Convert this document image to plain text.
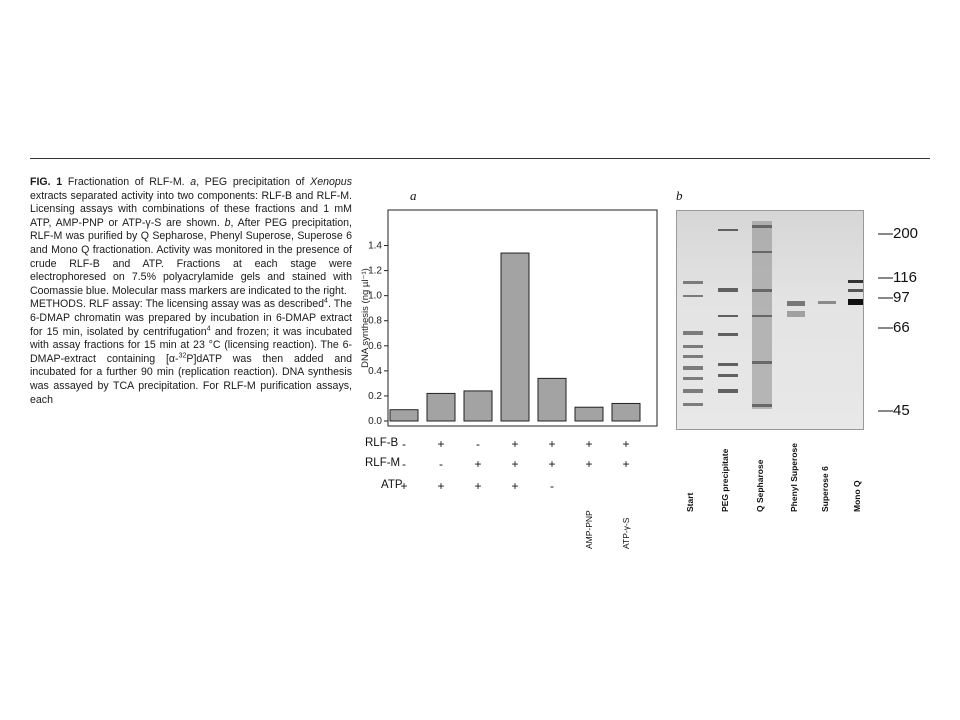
FIG. 1 Fractionation of RLF-M. a, PEG precipitation of Xenopus extracts separated activity into two components: RLF-B and RLF-M. Licensing assays with combinations of these fractions and 1 mM ATP, AMP-PNP or ATP-γ-S are shown. b, After PEG precipitation, RLF-M was purified by Q Sepharose, Phenyl Superose, Superose 6 and Mono Q fractionation. Activity was monitored in the presence of crude RLF-B and ATP. Fractions at each stage were electrophoresed on 7.5% polyacrylamide gels and stained with Coomassie blue. Molecular mass markers are indicated to the right.

METHODS. RLF assay: The licensing assay was as described$^4$. The 6-DMAP chromatin was prepared by incubation in 6-DMAP extract for 15 min, isolated by centrifugation$^4$ and frozen; it was incubated with assay fractions for 15 min at 23 °C (licensing reaction). The 6-DMAP-extract containing [α-$^{32}$P]dATP was then added and incubated for a further 90 min (replication reaction). DNA synthesis was assayed by TCA precipitation. For RLF-M purification assays, each

a	b
0.0
0.2
0.4
0.6
0.8
1.0
1.2
1.4
DNA synthesis (ng µl⁻¹)
RLF-B
RLF-M
ATP
-	+	-	+	+	+	+
-	-	+	+	+	+	+
+	+	+	+	-
AMP-PNP	ATP-γ-S
Start	PEG precipitate	Q Sepharose	Phenyl Superose Superose 6	Mono Q
—200
—116
—97
—66
—45
